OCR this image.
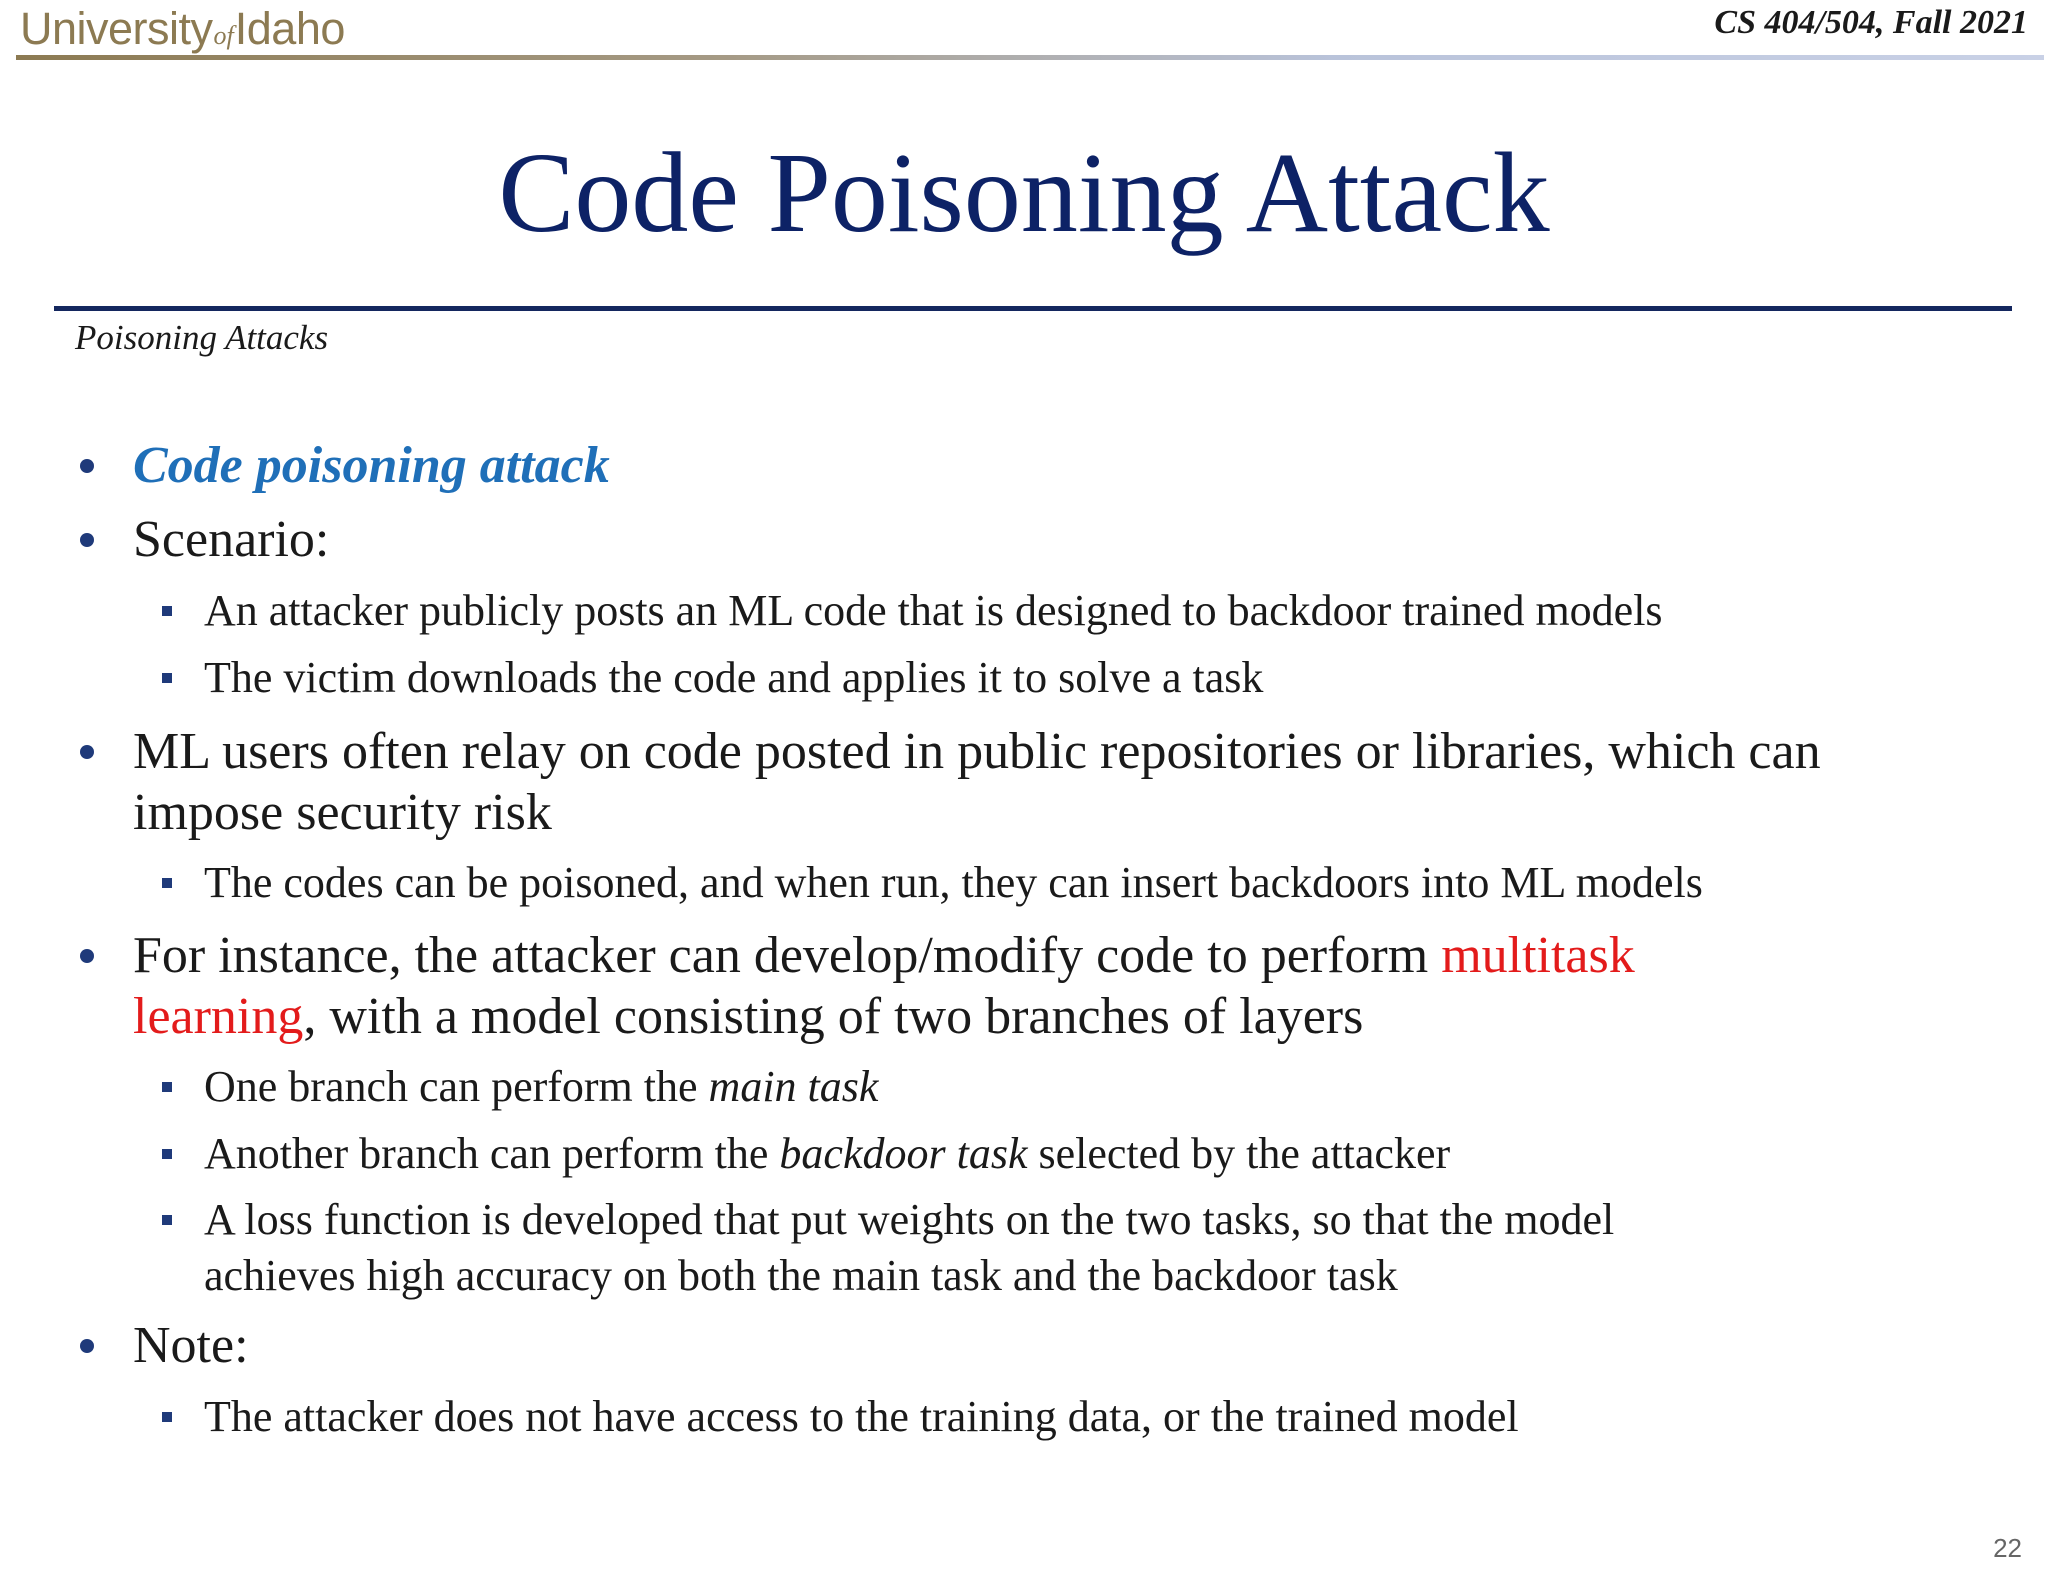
UniversityofIdaho	CS 404/504, Fall 2021
Code Poisoning Attack
Poisoning Attacks
Code poisoning attack
Scenario:
An attacker publicly posts an ML code that is designed to backdoor trained models
The victim downloads the code and applies it to solve a task
ML users often relay on code posted in public repositories or libraries, which can
impose security risk
The codes can be poisoned, and when run, they can insert backdoors into ML models
For instance, the attacker can develop/modify code to perform multitask
learning, with a model consisting of two branches of layers
One branch can perform the main task
Another branch can perform the backdoor task selected by the attacker
A loss function is developed that put weights on the two tasks, so that the model
achieves high accuracy on both the main task and the backdoor task
Note:
The attacker does not have access to the training data, or the trained model
22
